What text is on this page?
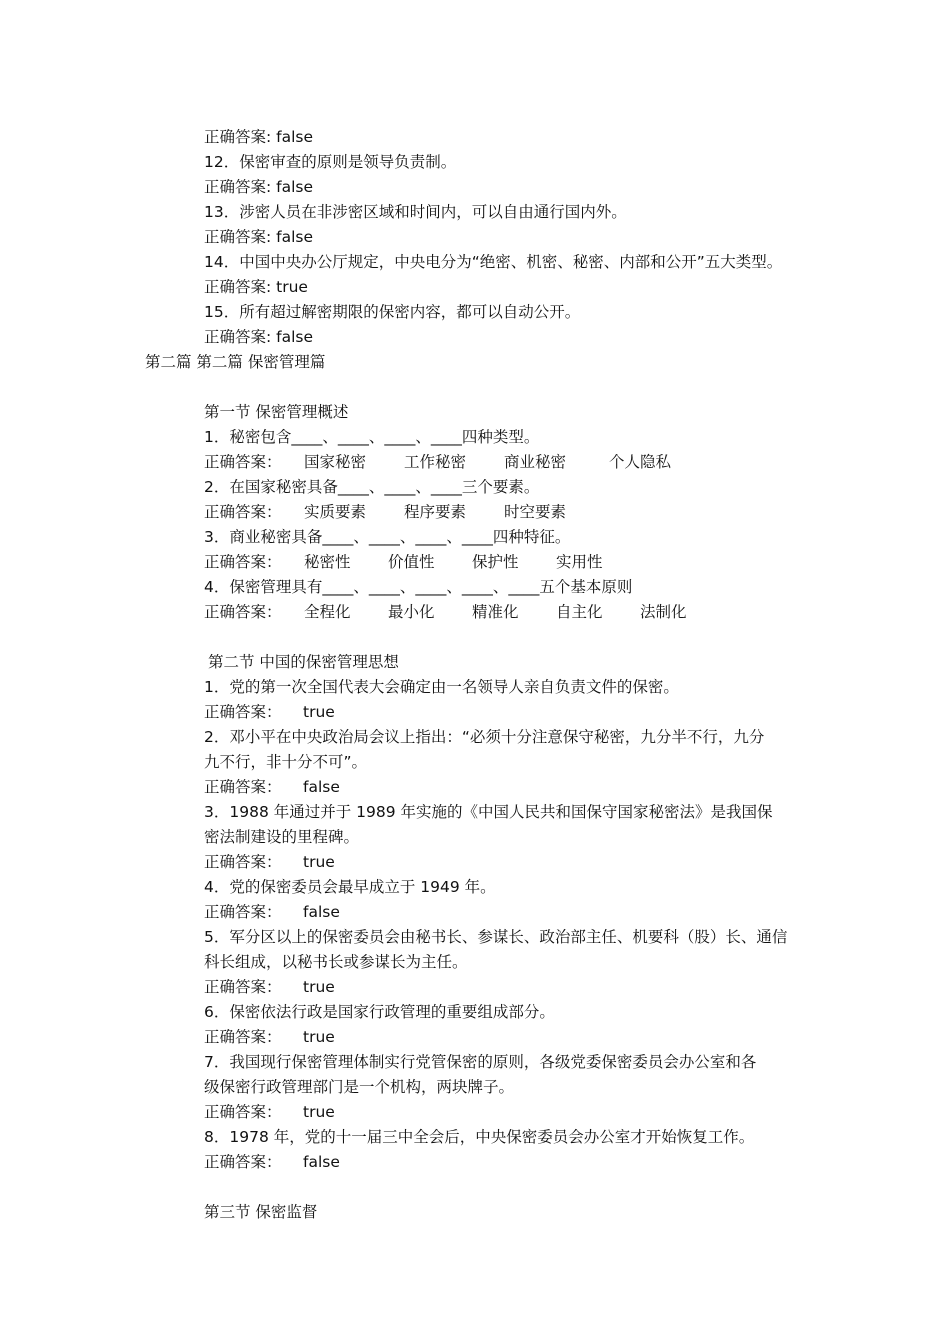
正确答案: false
12．保密审查的原则是领导负责制。
正确答案: false
13．涉密人员在非涉密区域和时间内，可以自由通行国内外。
正确答案: false
14．中国中央办公厅规定，中央电分为“绝密、机密、秘密、内部和公开”五大类型。
正确答案: true
15．所有超过解密期限的保密内容，都可以自动公开。
正确答案: false
第二篇 第二篇 保密管理篇
第一节 保密管理概述
1．秘密包含____、____、____、____四种类型。
正确答案： 国家秘密 工作秘密 商业秘密	个人隐私
2．在国家秘密具备____、____、____三个要素。
正确答案： 实质要素 程序要素 时空要素
3．商业秘密具备____、____、____、____四种特征。
正确答案： 秘密性 价值性 保护性 实用性
4．保密管理具有____、____、____、____、____五个基本原则
正确答案： 全程化 最小化 精准化 自主化 法制化
第二节 中国的保密管理思想
1．党的第一次全国代表大会确定由一名领导人亲自负责文件的保密。
正确答案： true
2．邓小平在中央政治局会议上指出：“必须十分注意保守秘密，九分半不行，九分
九不行，非十分不可”。
正确答案： false
3．1988 年通过并于 1989 年实施的《中国人民共和国保守国家秘密法》是我国保
密法制建设的里程碑。
正确答案： true
4．党的保密委员会最早成立于 1949 年。
正确答案： false
5．军分区以上的保密委员会由秘书长、参谋长、政治部主任、机要科（股）长、通信
科长组成，以秘书长或参谋长为主任。
正确答案： true
6．保密依法行政是国家行政管理的重要组成部分。
正确答案： true
7．我国现行保密管理体制实行党管保密的原则，各级党委保密委员会办公室和各
级保密行政管理部门是一个机构，两块牌子。
正确答案： true
8．1978 年，党的十一届三中全会后，中央保密委员会办公室才开始恢复工作。
正确答案： false
第三节 保密监督
